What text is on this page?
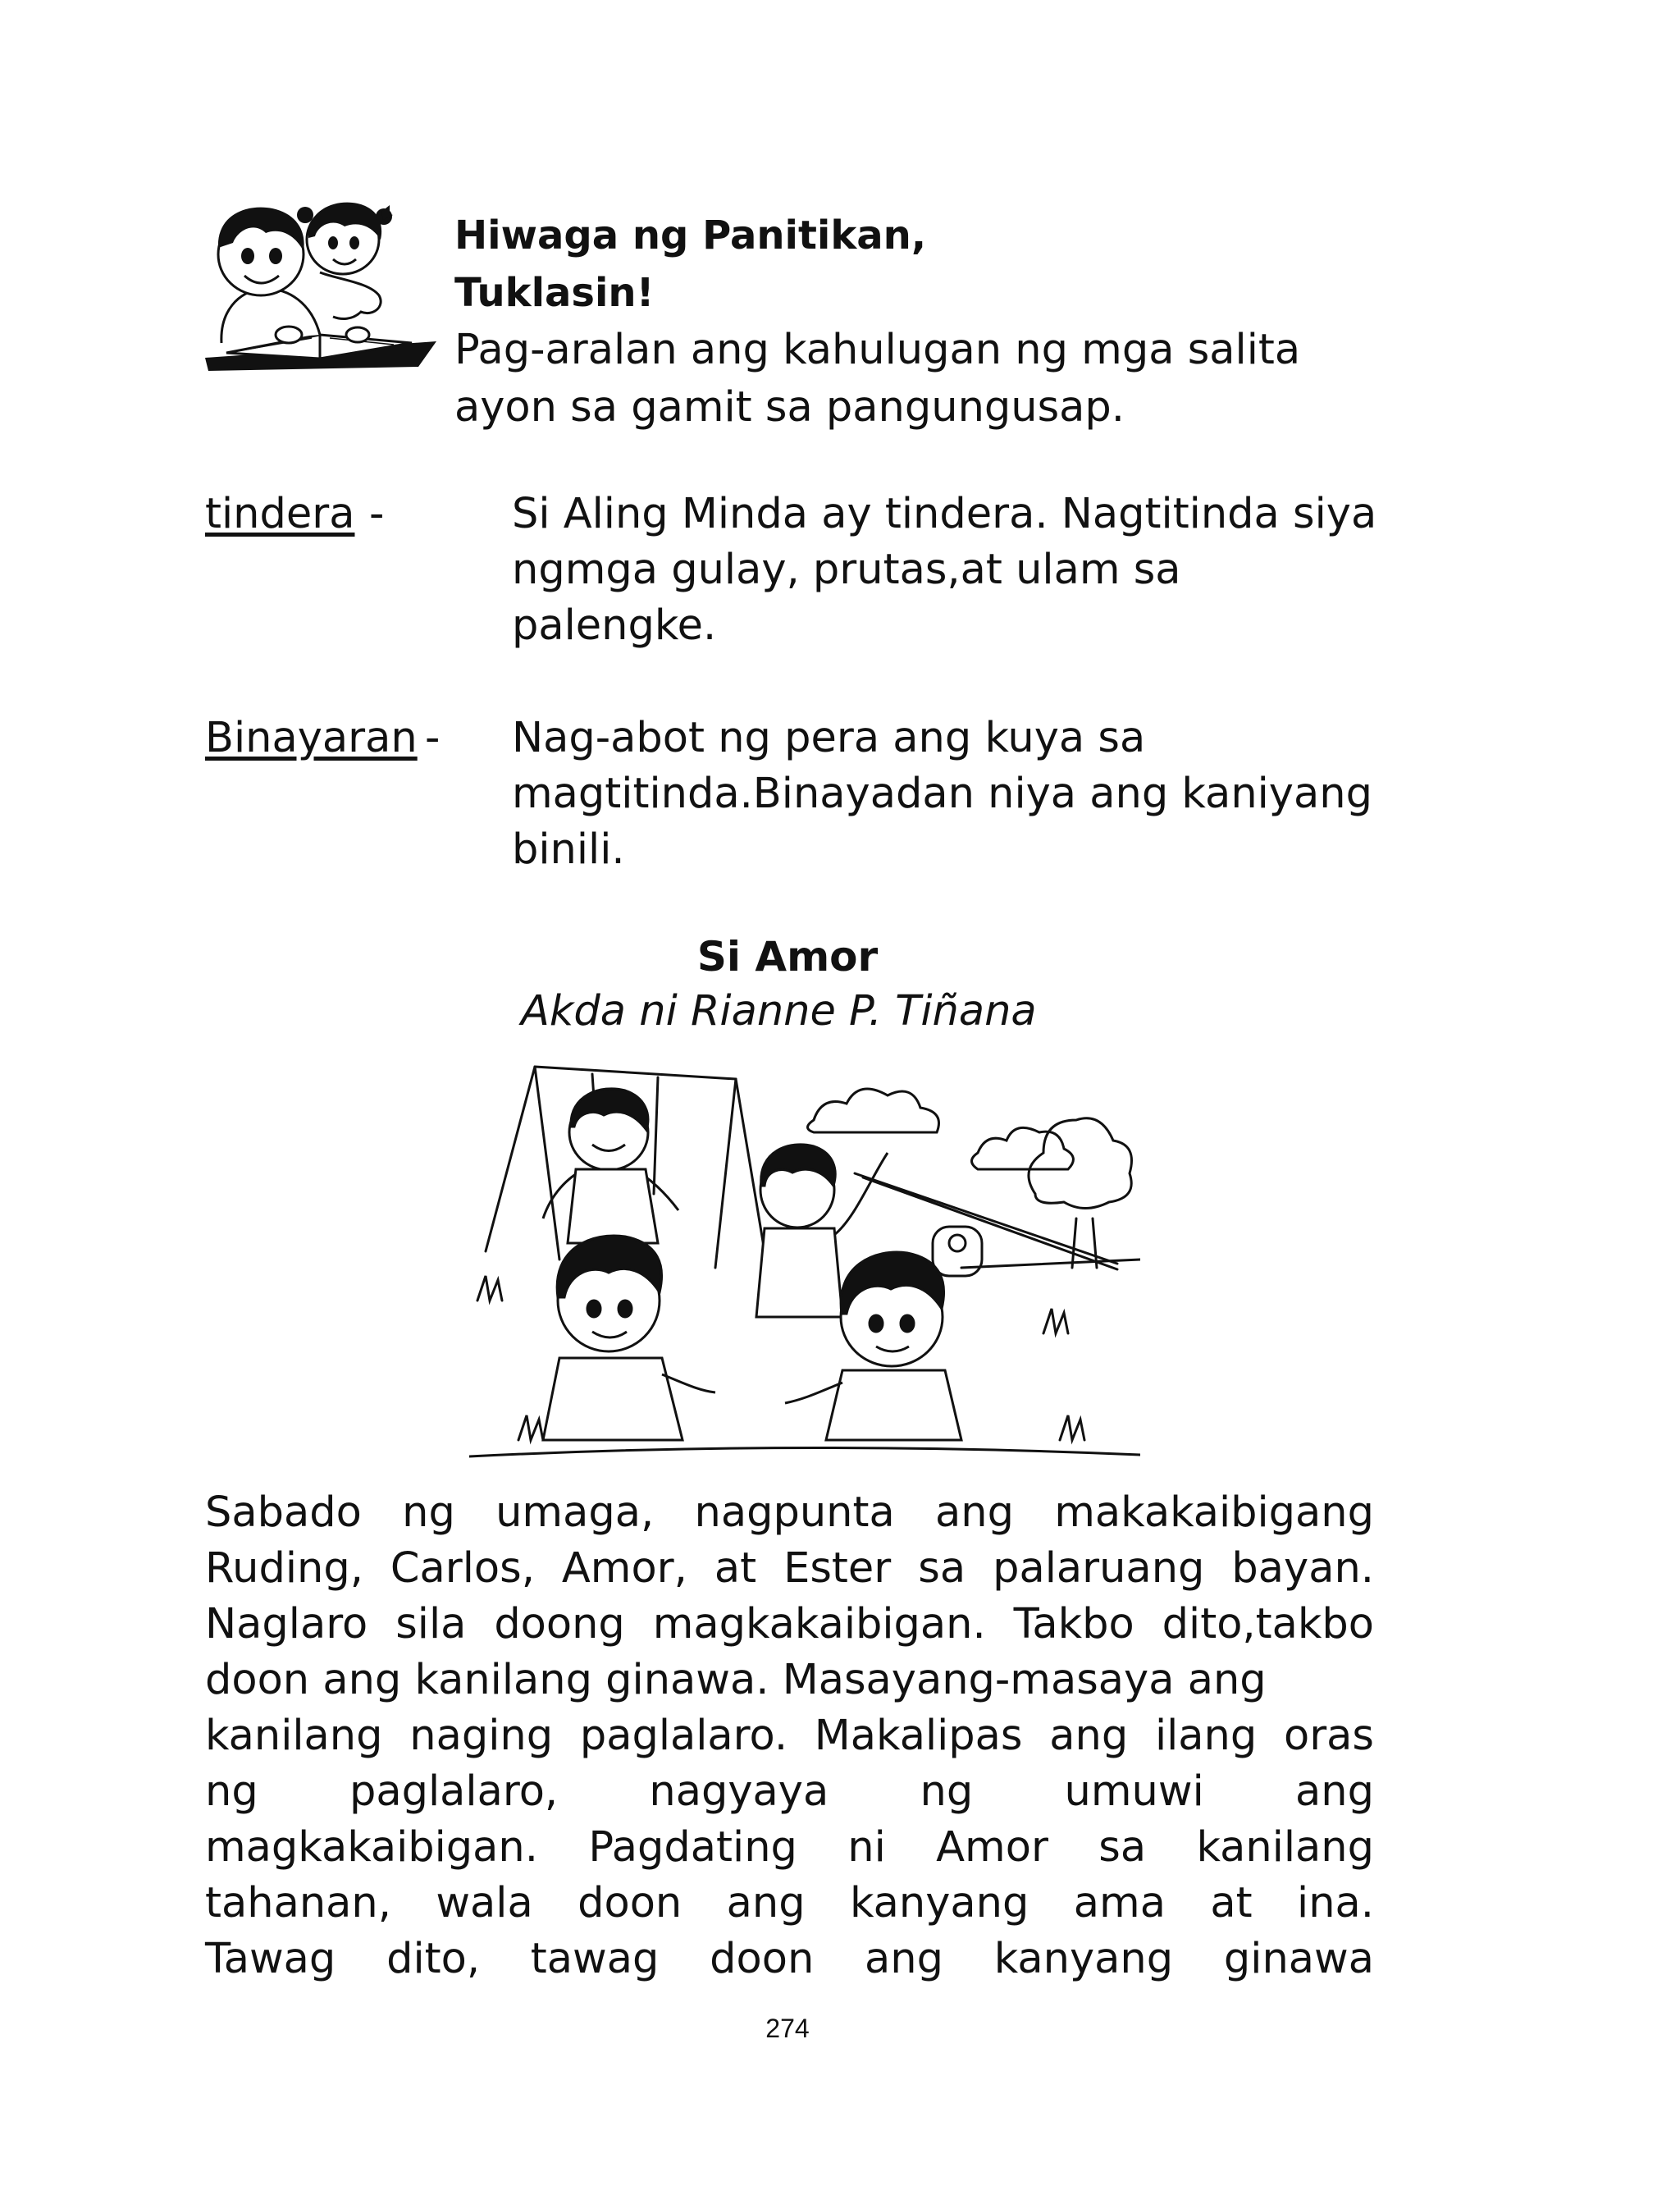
Hiwaga ng Panitikan,

Tuklasin!

Pag-aralan ang kahulugan ng mga salita

ayon sa gamit sa pangungusap.

tindera -	Si Aling Minda ay tindera. Nagtitinda siya ngmga gulay, prutas,at ulam sa palengke.
Binayaran - Nag-abot ng pera ang kuya sa magtitinda.Binayadan niya ang kaniyang binili.
Si Amor
Akda ni Rianne P. Tiñana
Sabado ng umaga, nagpunta ang makakaibigang
Ruding, Carlos, Amor, at Ester sa palaruang bayan.
Naglaro sila doong magkakaibigan. Takbo dito,takbo
doon ang kanilang ginawa. Masayang-masaya ang
kanilang naging paglalaro. Makalipas ang ilang oras
ng paglalaro, nagyaya ng umuwi ang
magkakaibigan. Pagdating ni Amor sa kanilang
tahanan, wala doon ang kanyang ama at ina.
Tawag dito, tawag doon ang kanyang ginawa
274
